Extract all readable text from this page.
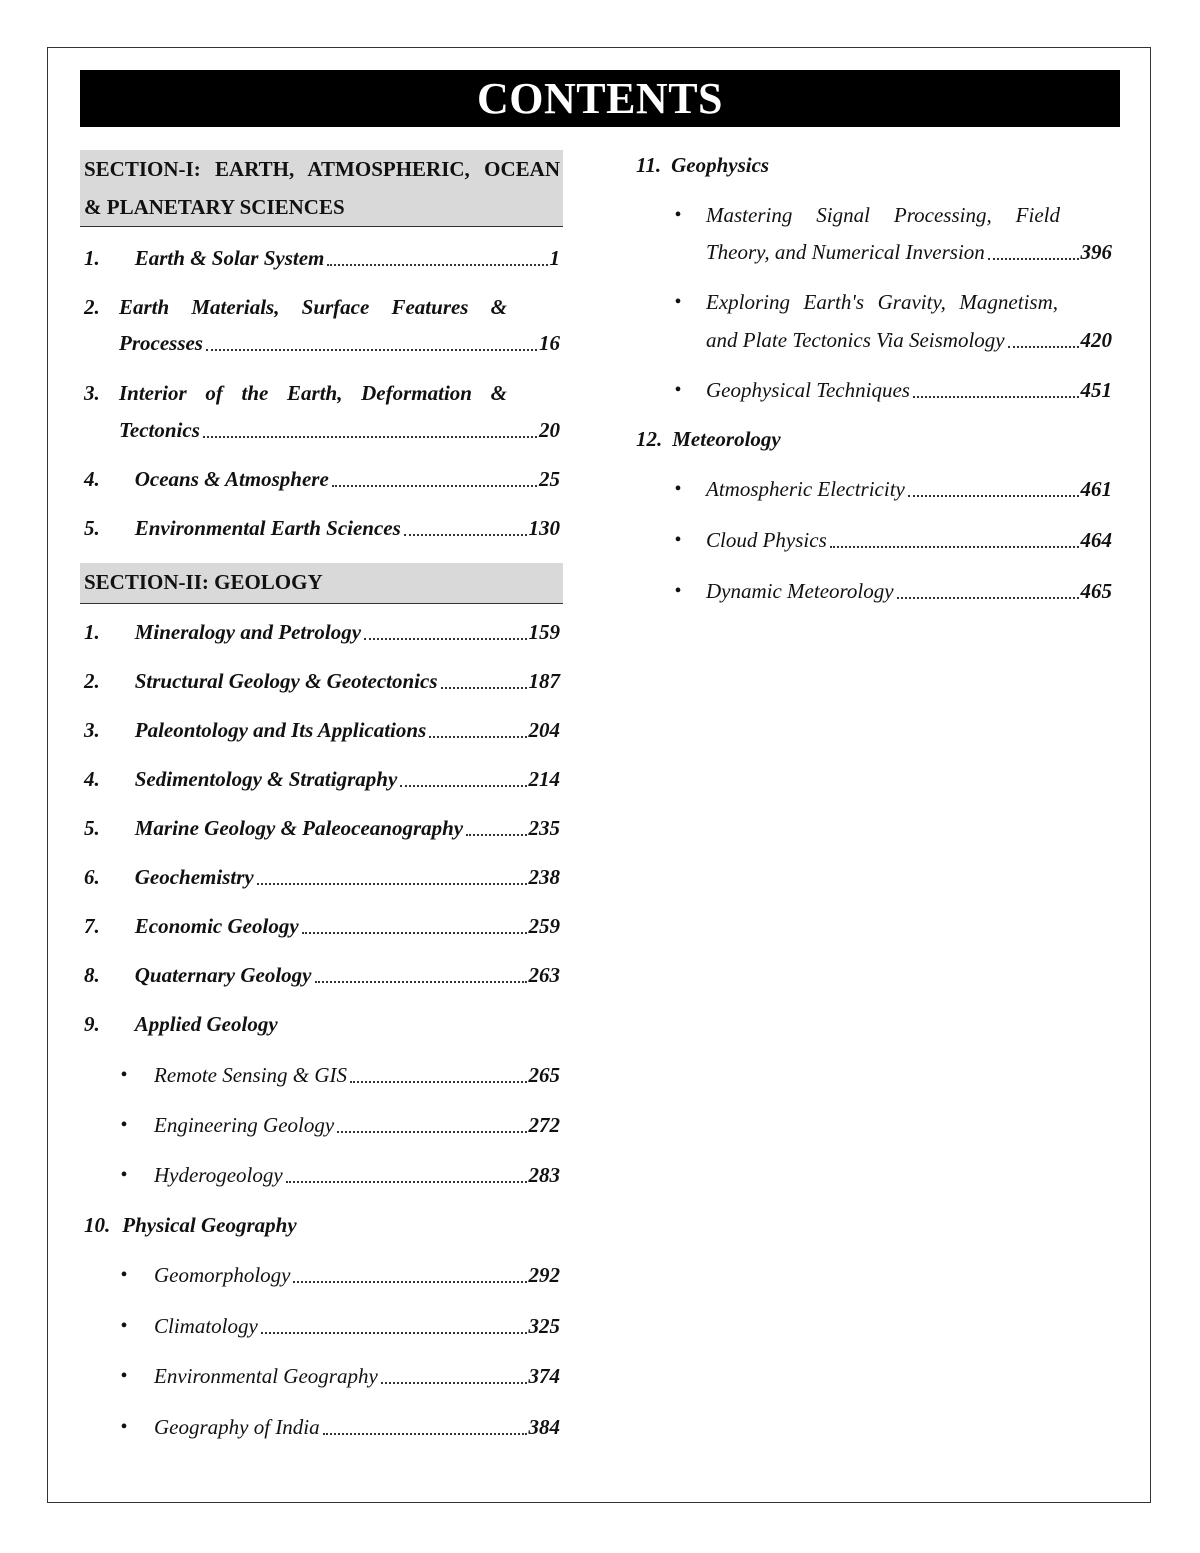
CONTENTS
SECTION-I: EARTH, ATMOSPHERIC, OCEAN
& PLANETARY SCIENCES
1. Earth & Solar System	1
2. Earth Materials, Surface Features &
Processes	16
3. Interior of the Earth, Deformation &
Tectonics	20
4. Oceans & Atmosphere	25
5. Environmental Earth Sciences	130
SECTION-II: GEOLOGY
1. Mineralogy and Petrology	159
2. Structural Geology & Geotectonics	187
3. Paleontology and Its Applications	204
4. Sedimentology & Stratigraphy	214
5. Marine Geology & Paleoceanography	235
6. Geochemistry	238
7. Economic Geology	259
8. Quaternary Geology	263
9. Applied Geology
•	Remote Sensing & GIS	265
•	Engineering Geology	272
•	Hyderogeology	283
10. Physical Geography
•	Geomorphology	292
•	Climatology	325
•	Environmental Geography	374
•	Geography of India	384
11. Geophysics
•	Mastering Signal Processing, Field
Theory, and Numerical Inversion	396
•	Exploring Earth's Gravity, Magnetism,
and Plate Tectonics Via Seismology	420
•	Geophysical Techniques	451
12. Meteorology
•	Atmospheric Electricity	461
•	Cloud Physics	464
•	Dynamic Meteorology	465
